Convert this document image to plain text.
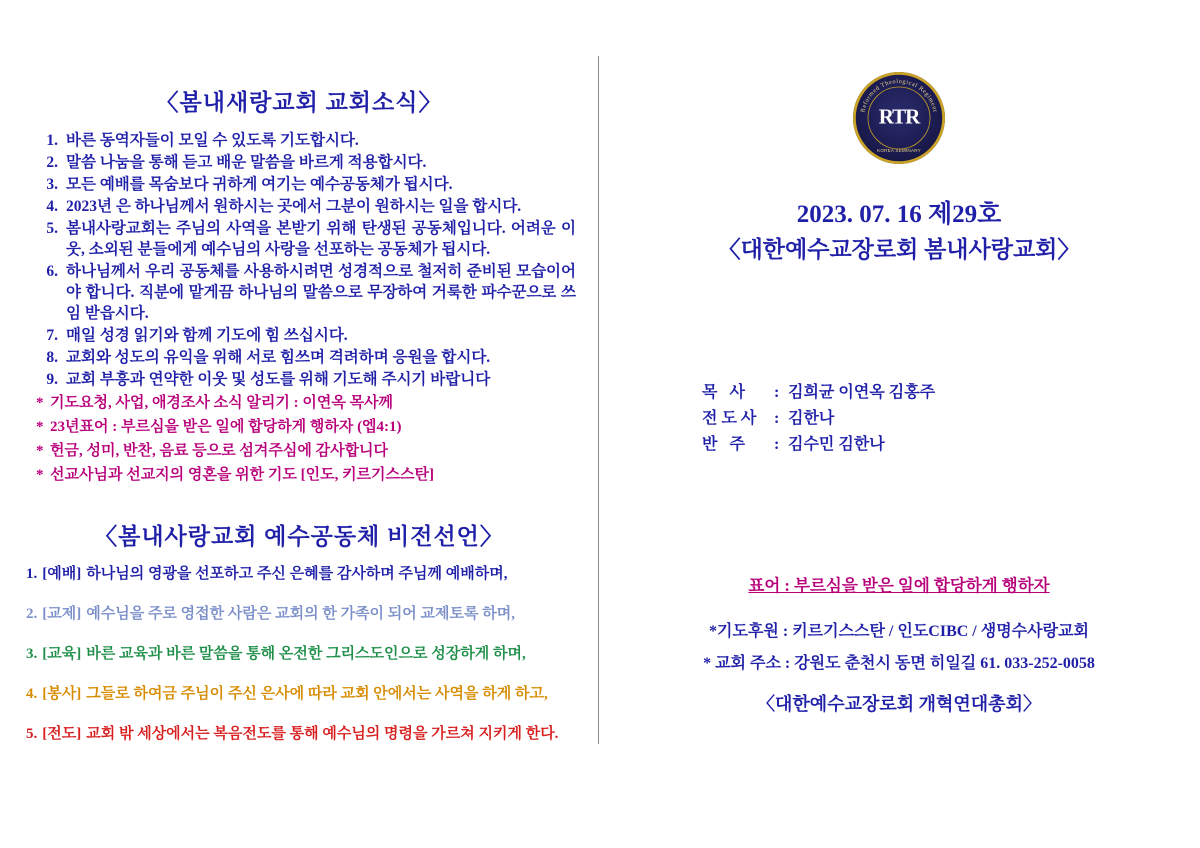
〈봄내새랑교회 교회소식〉
1. 바른 동역자들이 모일 수 있도록 기도합시다.
2. 말씀 나눔을 통해 듣고 배운 말씀을 바르게 적용합시다.
3. 모든 예배를 목숨보다 귀하게 여기는 예수공동체가 됩시다.
4. 2023년 은 하나님께서 원하시는 곳에서 그분이 원하시는 일을 합시다.
5. 봄내사랑교회는 주님의 사역을 본받기 위해 탄생된 공동체입니다. 어려운 이웃, 소외된 분들에게 예수님의 사랑을 선포하는 공동체가 됩시다.
6. 하나님께서 우리 공동체를 사용하시려면 성경적으로 철저히 준비된 모습이어야 합니다. 직분에 맡게끔 하나님의 말씀으로 무장하여 거룩한 파수꾼으로 쓰임 받읍시다.
7. 매일 성경 읽기와 함께 기도에 힘 쓰십시다.
8. 교회와 성도의 유익을 위해 서로 힘쓰며 격려하며 응원을 합시다.
9. 교회 부흥과 연약한 이웃 및 성도를 위해 기도해 주시기 바랍니다
* 기도요청, 사업, 애경조사 소식 알리기 : 이연옥 목사께
* 23년표어 : 부르심을 받은 일에 합당하게 행하자 (엡4:1)
* 헌금, 성미, 반찬, 음료 등으로 섬겨주심에 감사합니다
* 선교사님과 선교지의 영혼을 위한 기도 [인도, 키르기스스탄]
〈봄내사랑교회 예수공동체 비전선언〉
1. [예배] 하나님의 영광을 선포하고 주신 은혜를 감사하며 주님께 예배하며,
2. [교제] 예수님을 주로 영접한 사람은 교회의 한 가족이 되어 교제토록 하며,
3. [교육] 바른 교육과 바른 말씀을 통해 온전한 그리스도인으로 성장하게 하며,
4. [봉사] 그들로 하여금 주님이 주신 은사에 따라 교회 안에서는 사역을 하게 하고,
5. [전도] 교회 밖 세상에서는 복음전도를 통해 예수님의 명령을 가르쳐 지키게 한다.
Reformed Theological Regiment
RTR
KOREA SEMINARY
2023. 07. 16 제29호
〈대한예수교장로회 봄내사랑교회〉
목 사	: 김희균 이연옥 김홍주
전도사 : 김한나
반 주	: 김수민 김한나
표어 : 부르심을 받은 일에 합당하게 행하자
*기도후원 : 키르기스스탄 / 인도CIBC / 생명수사랑교회
* 교회 주소 : 강원도 춘천시 동면 히일길 61. 033-252-0058
〈대한예수교장로회 개혁연대총회〉
